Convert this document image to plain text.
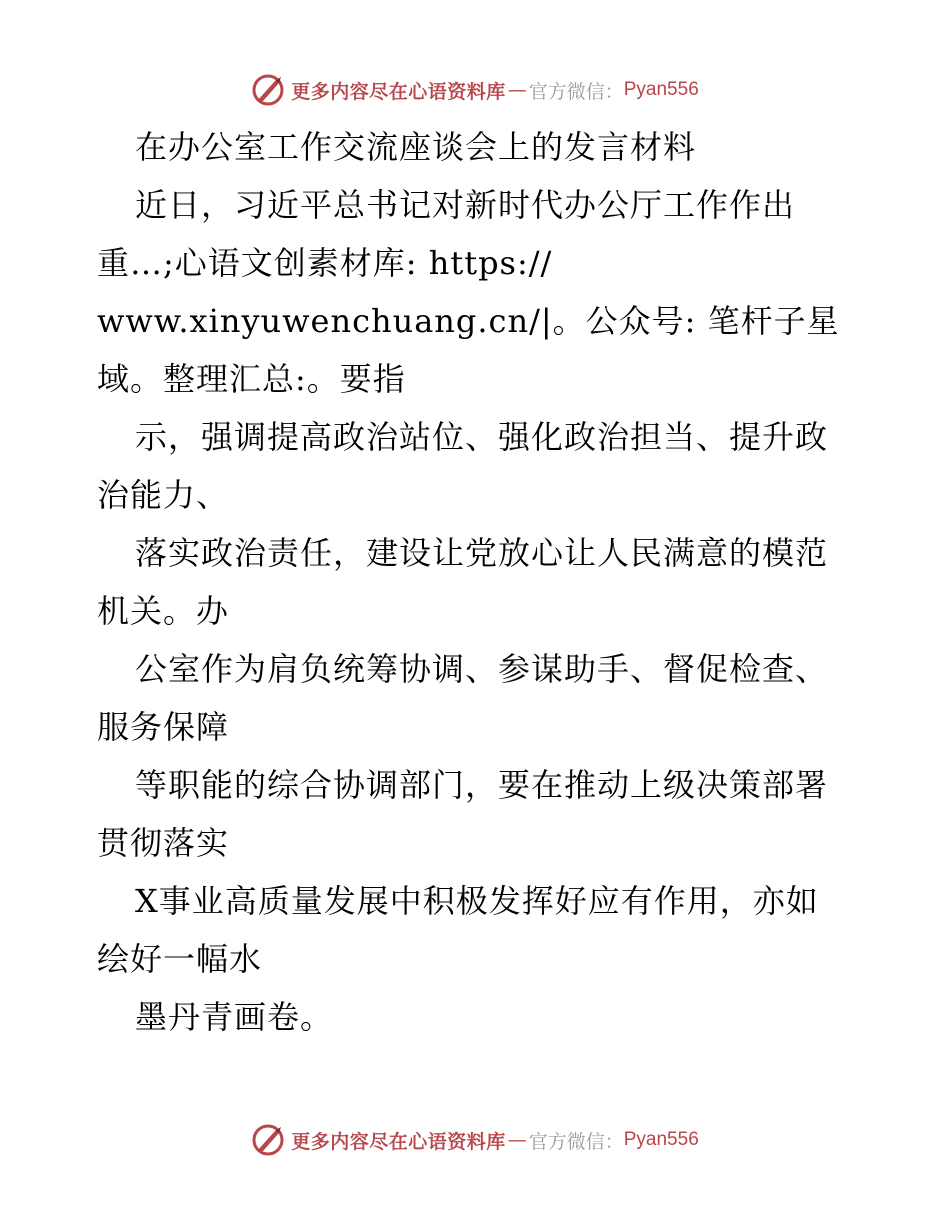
更多内容尽在心语资料库 — 官方微信： Pyan556
在办公室工作交流座谈会上的发言材料
近日，习近平总书记对新时代办公厅工作作出
重…;心语文创素材库: https://
www.xinyuwenchuang.cn/|。公众号: 笔杆子星
域。整理汇总:。要指
示，强调提高政治站位、强化政治担当、提升政
治能力、
落实政治责任，建设让党放心让人民满意的模范
机关。办
公室作为肩负统筹协调、参谋助手、督促检查、
服务保障
等职能的综合协调部门，要在推动上级决策部署
贯彻落实
X事业高质量发展中积极发挥好应有作用，亦如
绘好一幅水
墨丹青画卷。
更多内容尽在心语资料库 — 官方微信： Pyan556
